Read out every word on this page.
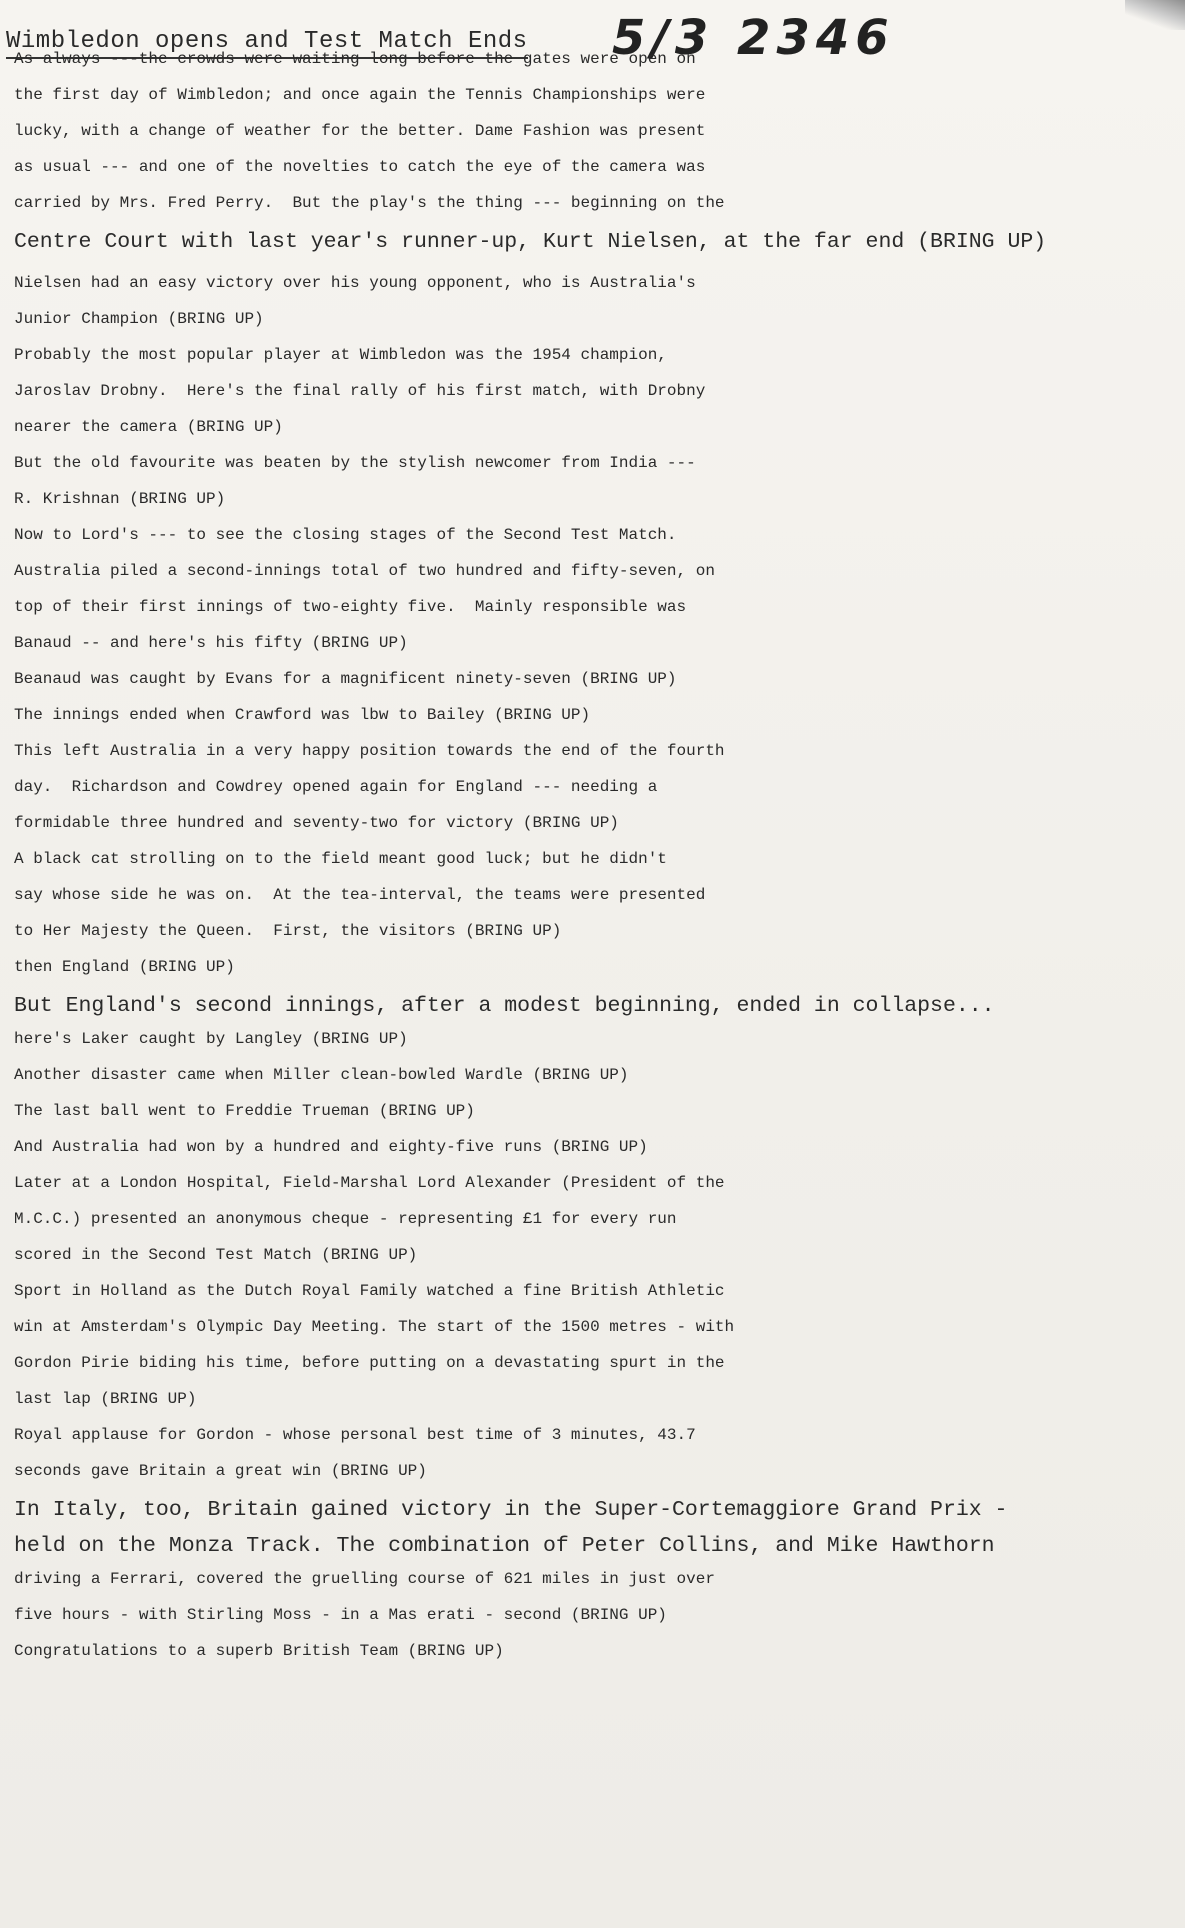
Wimbledon opens and Test Match Ends 5/3 2346
As always ---the crowds were waiting long before the gates were open on
the first day of Wimbledon; and once again the Tennis Championships were
lucky, with a change of weather for the better. Dame Fashion was present
as usual --- and one of the novelties to catch the eye of the camera was
carried by Mrs. Fred Perry.  But the play's the thing --- beginning on the
Centre Court with last year's runner-up, Kurt Nielsen, at the far end (BRING UP)
Nielsen had an easy victory over his young opponent, who is Australia's
Junior Champion (BRING UP)
Probably the most popular player at Wimbledon was the 1954 champion,
Jaroslav Drobny.  Here's the final rally of his first match, with Drobny
nearer the camera (BRING UP)
But the old favourite was beaten by the stylish newcomer from India ---
R. Krishnan (BRING UP)
Now to Lord's --- to see the closing stages of the Second Test Match.
Australia piled a second-innings total of two hundred and fifty-seven, on
top of their first innings of two-eighty five.  Mainly responsible was
Banaud -- and here's his fifty (BRING UP)
Beanaud was caught by Evans for a magnificent ninety-seven (BRING UP)
The innings ended when Crawford was lbw to Bailey (BRING UP)
This left Australia in a very happy position towards the end of the fourth
day.  Richardson and Cowdrey opened again for England --- needing a
formidable three hundred and seventy-two for victory (BRING UP)
A black cat strolling on to the field meant good luck; but he didn't
say whose side he was on.  At the tea-interval, the teams were presented
to Her Majesty the Queen.  First, the visitors (BRING UP)
then England (BRING UP)
But England's second innings, after a modest beginning, ended in collapse...
here's Laker caught by Langley (BRING UP)
Another disaster came when Miller clean-bowled Wardle (BRING UP)
The last ball went to Freddie Trueman (BRING UP)
And Australia had won by a hundred and eighty-five runs (BRING UP)
Later at a London Hospital, Field-Marshal Lord Alexander (President of the
M.C.C.) presented an anonymous cheque - representing £1 for every run
scored in the Second Test Match (BRING UP)
Sport in Holland as the Dutch Royal Family watched a fine British Athletic
win at Amsterdam's Olympic Day Meeting. The start of the 1500 metres - with
Gordon Pirie biding his time, before putting on a devastating spurt in the
last lap (BRING UP)
Royal applause for Gordon - whose personal best time of 3 minutes, 43.7
seconds gave Britain a great win (BRING UP)
In Italy, too, Britain gained victory in the Super-Cortemaggiore Grand Prix -
held on the Monza Track. The combination of Peter Collins, and Mike Hawthorn
driving a Ferrari, covered the gruelling course of 621 miles in just over
five hours - with Stirling Moss - in a Mas erati - second (BRING UP)
Congratulations to a superb British Team (BRING UP)
